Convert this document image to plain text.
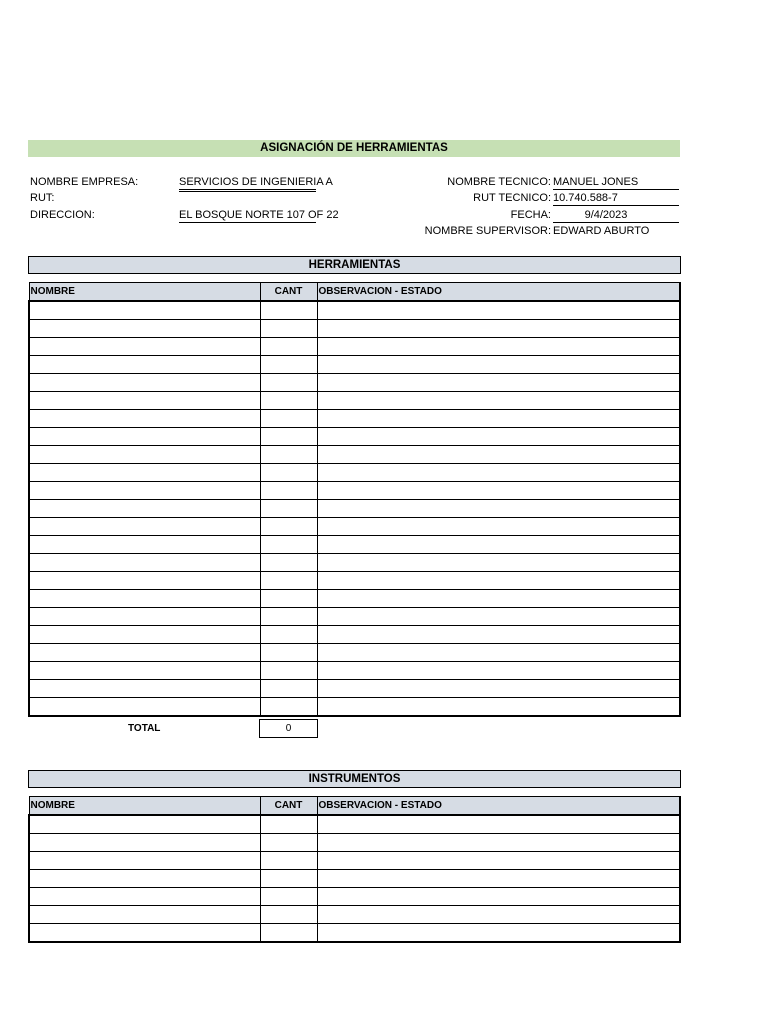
ASIGNACIÓN DE HERRAMIENTAS
NOMBRE EMPRESA:	SERVICIOS DE INGENIERIA A
RUT:
DIRECCION:	EL BOSQUE NORTE 107 OF 22
NOMBRE TECNICO: MANUEL JONES
RUT TECNICO: 10.740.588-7
FECHA:	9/4/2023
NOMBRE SUPERVISOR: EDWARD ABURTO
HERRAMIENTAS
NOMBRE	CANT	OBSERVACION - ESTADO

TOTAL	0
INSTRUMENTOS
NOMBRE	CANT	OBSERVACION - ESTADO
